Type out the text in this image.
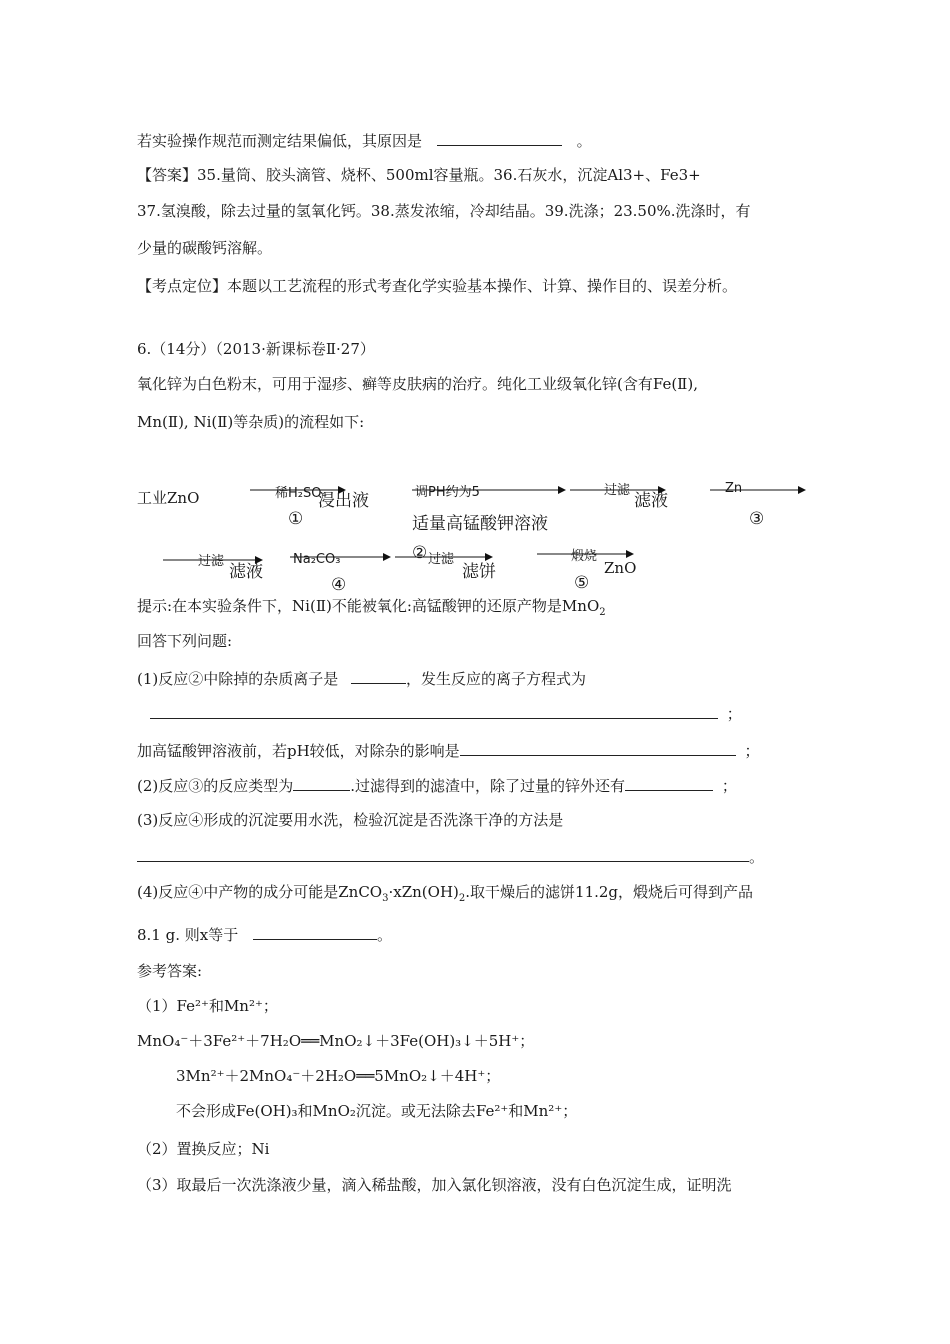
若实验操作规范而测定结果偏低，其原因是	。
【答案】35.量筒、胶头滴管、烧杯、500ml容量瓶。36.石灰水，沉淀Al3+、Fe3+
37.氢溴酸，除去过量的氢氧化钙。38.蒸发浓缩，冷却结晶。39.洗涤；23.50%.洗涤时，有
少量的碳酸钙溶解。
【考点定位】本题以工艺流程的形式考查化学实验基本操作、计算、操作目的、误差分析。
6.（14分）（2013·新课标卷Ⅱ·27）
氧化锌为白色粉末，可用于湿疹、癣等皮肤病的治疗。纯化工业级氧化锌(含有Fe(Ⅱ),
Mn(Ⅱ), Ni(Ⅱ)等杂质)的流程如下:
工业ZnO	稀H₂SO₄
浸出液
①
调PH约为5
适量高锰酸钾溶液
②
过滤
滤液
Zn
③
过滤
滤液
Na₂CO₃
④
过滤
滤饼
煅烧
ZnO
⑤
提示:在本实验条件下，Ni(Ⅱ)不能被氧化:高锰酸钾的还原产物是MnO$_2$
回答下列问题:
(1)反应②中除掉的杂质离子是	，发生反应的离子方程式为
；
加高锰酸钾溶液前，若pH较低，对除杂的影响是	；
(2)反应③的反应类型为	.过滤得到的滤渣中，除了过量的锌外还有	；
(3)反应④形成的沉淀要用水洗，检验沉淀是否洗涤干净的方法是
。
(4)反应④中产物的成分可能是$ZnCO_3\cdot xZn(OH)_2$.取干燥后的滤饼11.2g，煅烧后可得到产品
8.1 g. 则x等于	。
参考答案:
（1）Fe²⁺和Mn²⁺；
MnO₄⁻＋3Fe²⁺＋7H₂O══MnO₂↓＋3Fe(OH)₃↓＋5H⁺；
3Mn²⁺＋2MnO₄⁻＋2H₂O══5MnO₂↓＋4H⁺；
不会形成Fe(OH)₃和MnO₂沉淀。或无法除去Fe²⁺和Mn²⁺；
（2）置换反应；Ni
（3）取最后一次洗涤液少量，滴入稀盐酸，加入氯化钡溶液，没有白色沉淀生成，证明洗
